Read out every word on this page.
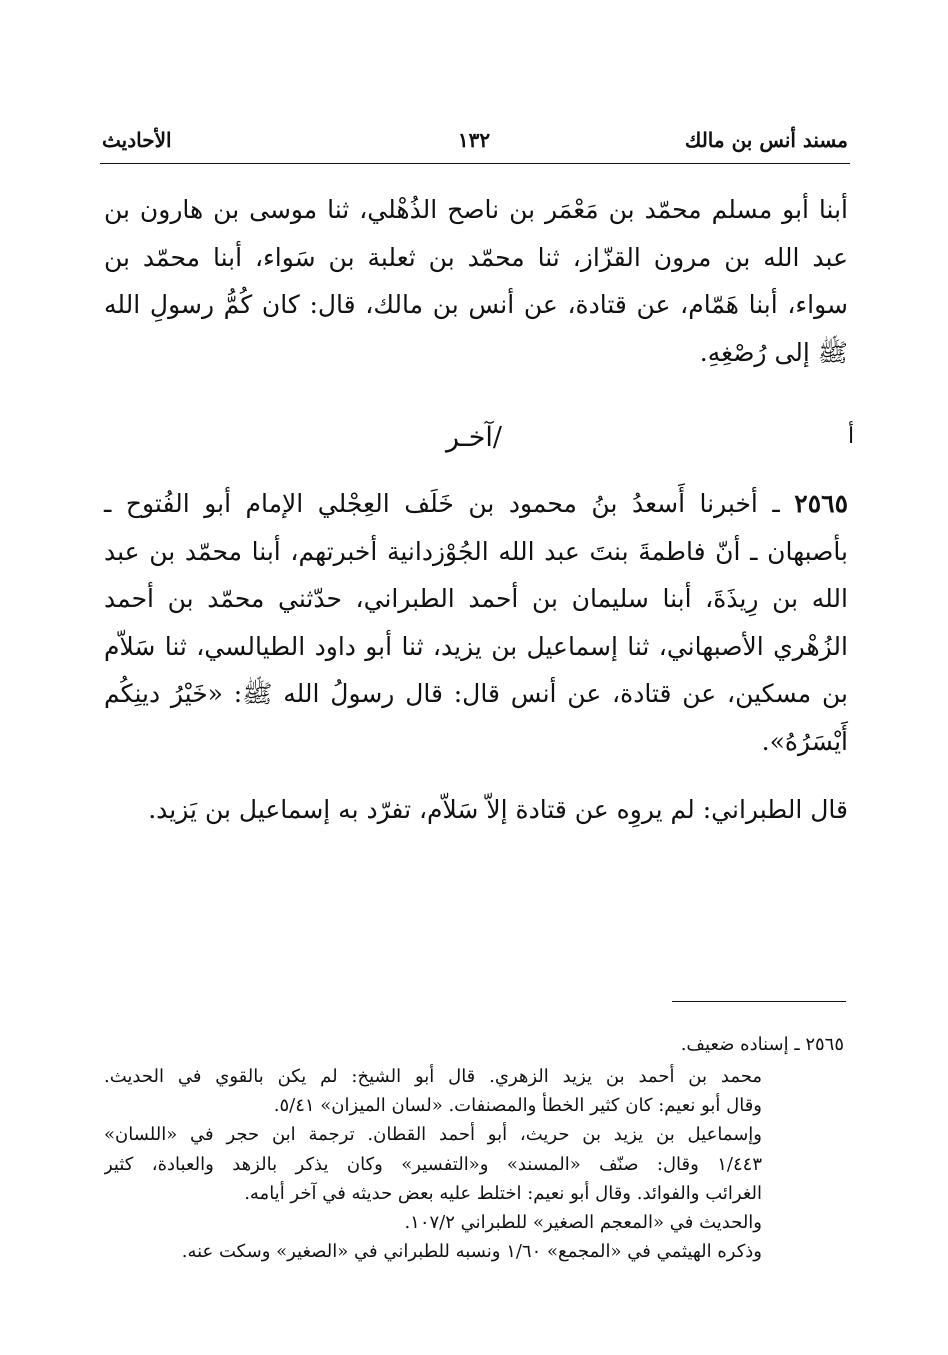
مسند أنس بن مالك
١٣٢
الأحاديث

أبنا أبو مسلم محمّد بن مَعْمَر بن ناصح الذُهْلي، ثنا موسى بن هارون بن عبد الله بن مرون القزّاز، ثنا محمّد بن ثعلبة بن سَواء، أبنا محمّد بن سواء، أبنا هَمّام، عن قتادة، عن أنس بن مالك، قال: كان كُمُّ رسولِ الله ﷺ إلى رُصْغِهِ.

/آخـر	أ

٢٥٦٥ ـ أخبرنا أَسعدُ بنُ محمود بن خَلَف العِجْلي الإمام أبو الفُتوح ـ بأصبهان ـ أنّ فاطمةَ بنتَ عبد الله الجُوْزدانية أخبرتهم، أبنا محمّد بن عبد الله بن رِيذَةَ، أبنا سليمان بن أحمد الطبراني، حدّثني محمّد بن أحمد الزُهْري الأصبهاني، ثنا إسماعيل بن يزيد، ثنا أبو داود الطيالسي، ثنا سَلاّم بن مسكين، عن قتادة، عن أنس قال: قال رسولُ الله ﷺ: «خَيْرُ دينِكُم أَيْسَرُهُ».

قال الطبراني: لم يروِه عن قتادة إلاّ سَلاّم، تفرّد به إسماعيل بن يَزيد.

٢٥٦٥ ـ إسناده ضعيف.
محمد بن أحمد بن يزيد الزهري. قال أبو الشيخ: لم يكن بالقوي في الحديث.
وقال أبو نعيم: كان كثير الخطأ والمصنفات. «لسان الميزان» ٥/٤١.
وإسماعيل بن يزيد بن حريث، أبو أحمد القطان. ترجمة ابن حجر في «اللسان»
١/٤٤٣ وقال: صنّف «المسند» و«التفسير» وكان يذكر بالزهد والعبادة، كثير
الغرائب والفوائد. وقال أبو نعيم: اختلط عليه بعض حديثه في آخر أيامه.
والحديث في «المعجم الصغير» للطبراني ١٠٧/٢.
وذكره الهيثمي في «المجمع» ١/٦٠ ونسبه للطبراني في «الصغير» وسكت عنه.
